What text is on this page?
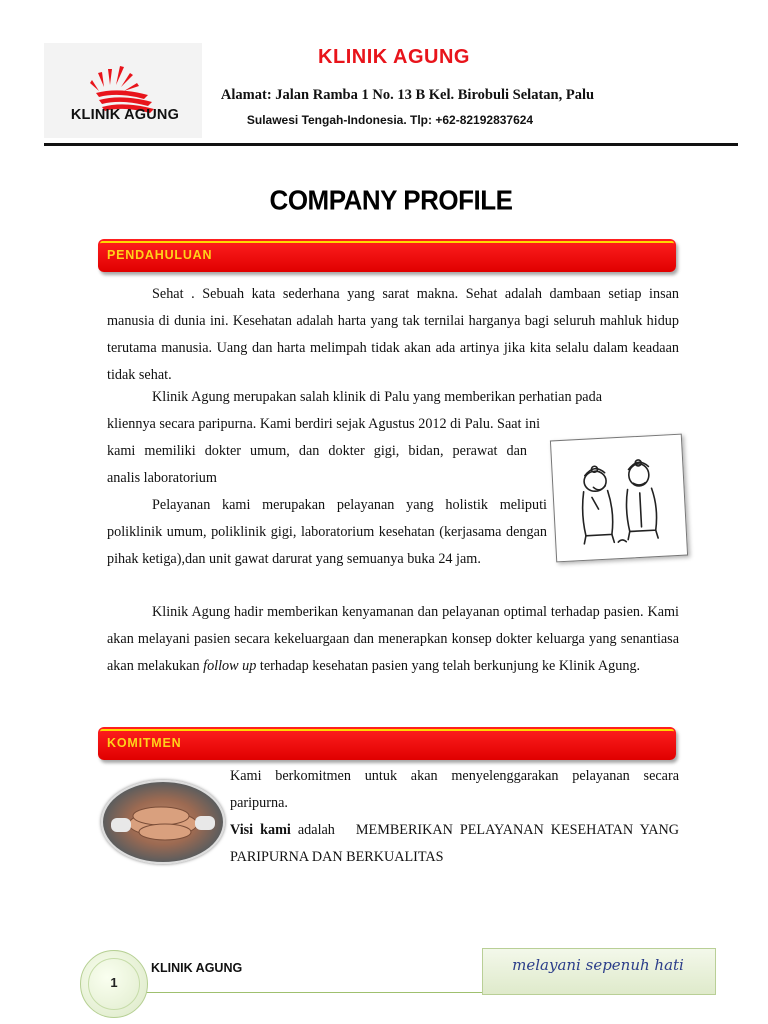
KLINIK AGUNG
KLINIK AGUNG
Alamat: Jalan Ramba 1 No. 13 B Kel. Birobuli Selatan, Palu
Sulawesi Tengah-Indonesia. Tlp: +62-82192837624
COMPANY PROFILE
PENDAHULUAN
Sehat . Sebuah kata sederhana yang sarat makna. Sehat adalah dambaan setiap insan manusia di dunia ini. Kesehatan adalah harta yang tak ternilai harganya bagi seluruh mahluk hidup terutama manusia. Uang dan harta melimpah tidak akan ada artinya jika kita selalu dalam keadaan tidak sehat.
Klinik Agung merupakan salah klinik di Palu yang memberikan perhatian pada kliennya secara paripurna. Kami berdiri sejak Agustus 2012 di Palu. Saat ini
kami memiliki dokter umum, dan dokter gigi, bidan, perawat dan
analis laboratorium
Pelayanan kami merupakan pelayanan yang holistik meliputi poliklinik umum, poliklinik gigi, laboratorium kesehatan (kerjasama dengan pihak ketiga),dan unit gawat darurat yang semuanya buka 24 jam.
Klinik Agung hadir memberikan kenyamanan dan pelayanan optimal terhadap pasien. Kami akan melayani pasien secara kekeluargaan dan menerapkan konsep dokter keluarga yang senantiasa akan melakukan follow up terhadap kesehatan pasien yang telah berkunjung ke Klinik Agung.
KOMITMEN
Kami berkomitmen untuk akan menyelenggarakan pelayanan secara paripurna.
Visi kami adalah   MEMBERIKAN PELAYANAN KESEHATAN YANG PARIPURNA DAN BERKUALITAS
1
KLINIK AGUNG	melayani sepenuh hati
